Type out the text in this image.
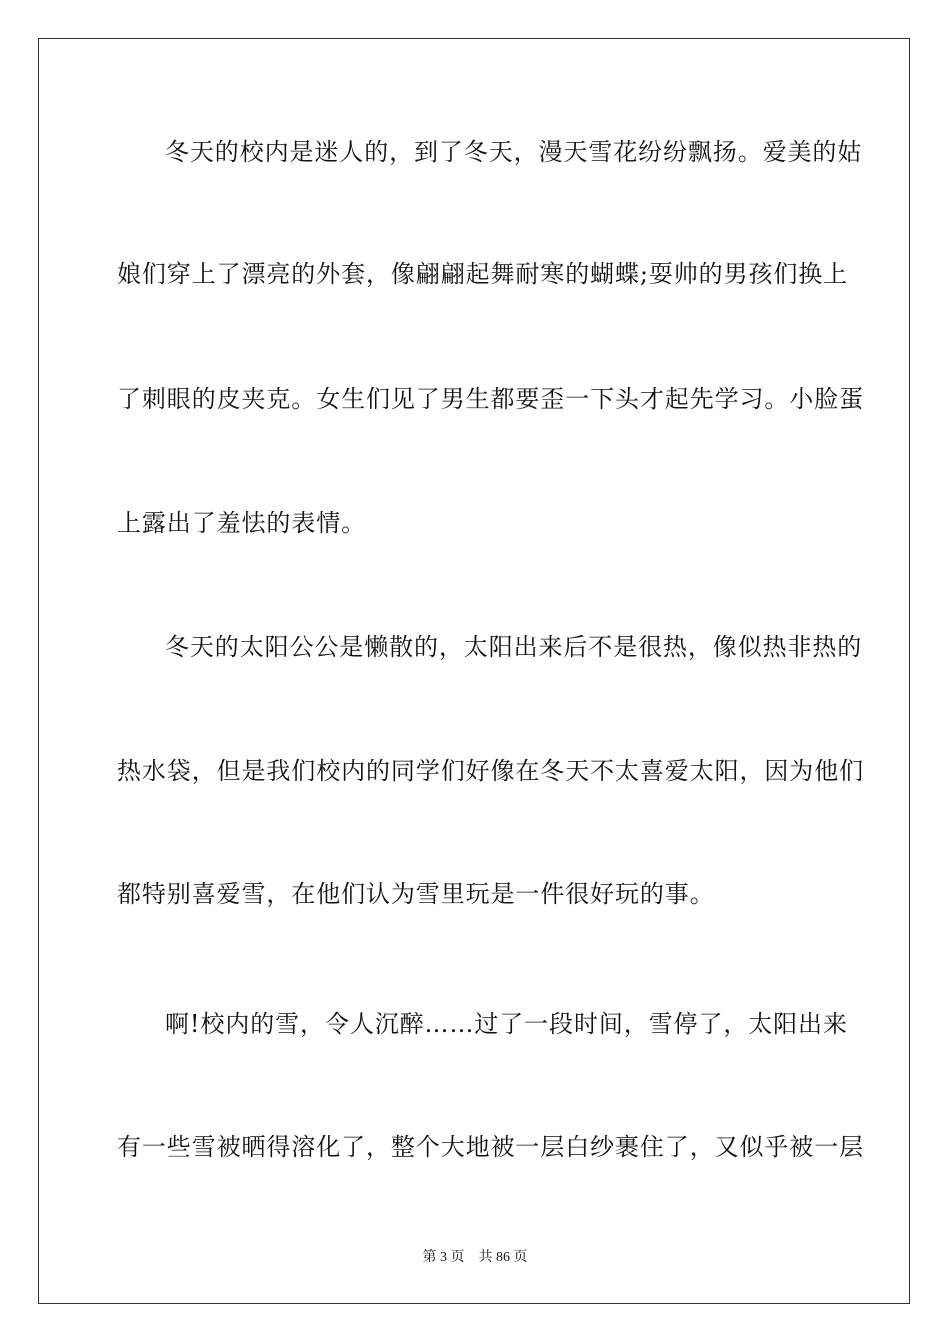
冬天的校内是迷人的，到了冬天，漫天雪花纷纷飘扬。爱美的姑
娘们穿上了漂亮的外套，像翩翩起舞耐寒的蝴蝶;耍帅的男孩们换上
了刺眼的皮夹克。女生们见了男生都要歪一下头才起先学习。小脸蛋
上露出了羞怯的表情。
冬天的太阳公公是懒散的，太阳出来后不是很热，像似热非热的
热水袋，但是我们校内的同学们好像在冬天不太喜爱太阳，因为他们
都特别喜爱雪，在他们认为雪里玩是一件很好玩的事。
啊!校内的雪，令人沉醉……过了一段时间，雪停了，太阳出来
有一些雪被晒得溶化了，整个大地被一层白纱裹住了，又似乎被一层
第 3 页 共 86 页
